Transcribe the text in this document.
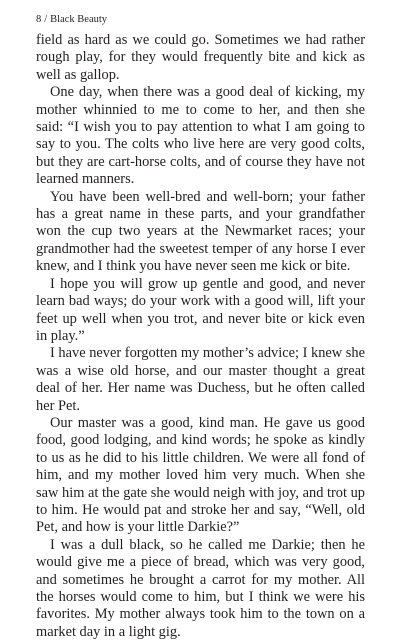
8 / Black Beauty

field as hard as we could go. Sometimes we had rather rough play, for they would frequently bite and kick as well as gallop.

One day, when there was a good deal of kicking, my mother whinnied to me to come to her, and then she said: “I wish you to pay attention to what I am going to say to you. The colts who live here are very good colts, but they are cart-horse colts, and of course they have not learned manners.

You have been well-bred and well-born; your father has a great name in these parts, and your grandfather won the cup two years at the Newmarket races; your grandmother had the sweetest temper of any horse I ever knew, and I think you have never seen me kick or bite.

I hope you will grow up gentle and good, and never learn bad ways; do your work with a good will, lift your feet up well when you trot, and never bite or kick even in play.”

I have never forgotten my mother’s advice; I knew she was a wise old horse, and our master thought a great deal of her. Her name was Duchess, but he often called her Pet.

Our master was a good, kind man. He gave us good food, good lodging, and kind words; he spoke as kindly to us as he did to his little children. We were all fond of him, and my mother loved him very much. When she saw him at the gate she would neigh with joy, and trot up to him. He would pat and stroke her and say, “Well, old Pet, and how is your little Darkie?”

I was a dull black, so he called me Darkie; then he would give me a piece of bread, which was very good, and sometimes he brought a carrot for my mother. All the horses would come to him, but I think we were his favorites. My mother always took him to the town on a market day in a light gig.
